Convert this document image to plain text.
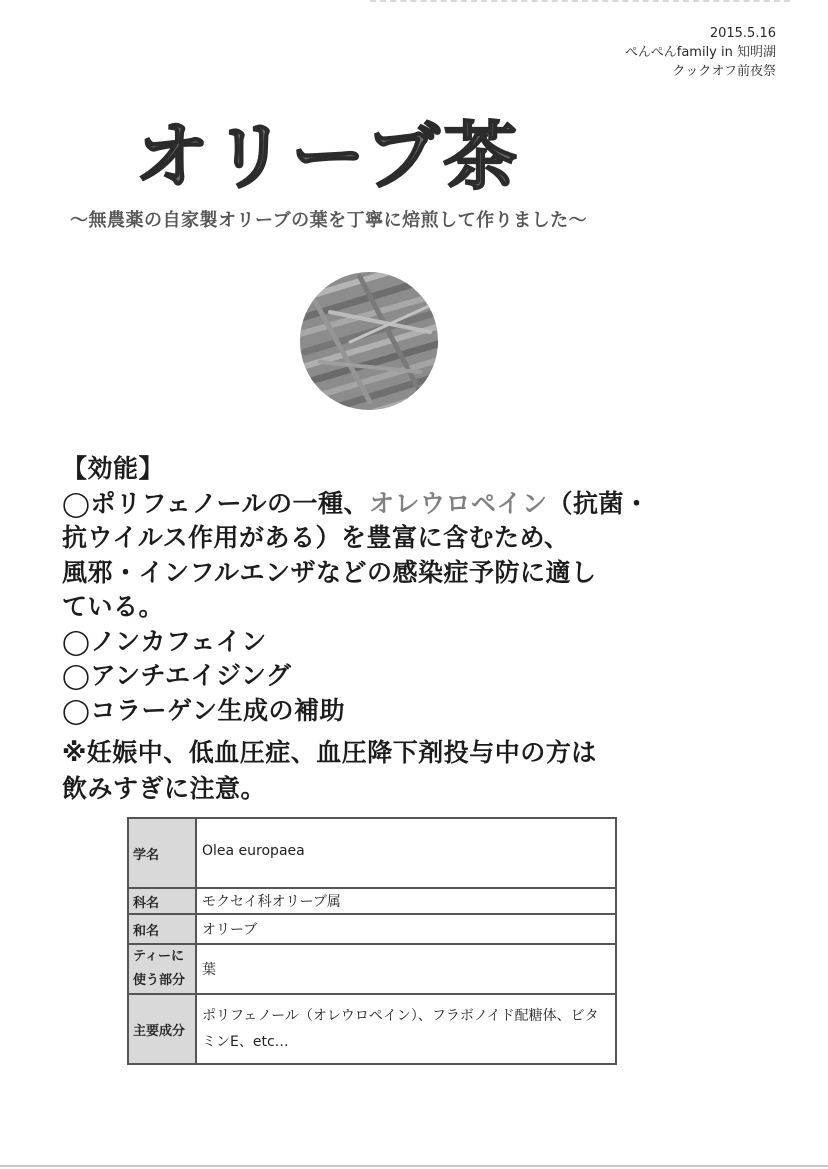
2015.5.16
ぺんぺんfamily in 知明湖
クックオフ前夜祭
オリーブ茶
～無農薬の自家製オリーブの葉を丁寧に焙煎して作りました～
【効能】
◯ポリフェノールの一種、オレウロペイン（抗菌・
抗ウイルス作用がある）を豊富に含むため、
風邪・インフルエンザなどの感染症予防に適し
ている。
◯ノンカフェイン
◯アンチエイジング
◯コラーゲン生成の補助
※妊娠中、低血圧症、血圧降下剤投与中の方は
飲みすぎに注意。
学名	Olea europaea
科名	モクセイ科オリーブ属
和名	オリーブ
ティーに使う部分	葉
主要成分	ポリフェノール（オレウロペイン）、フラボノイド配糖体、ビタミンE、etc…
